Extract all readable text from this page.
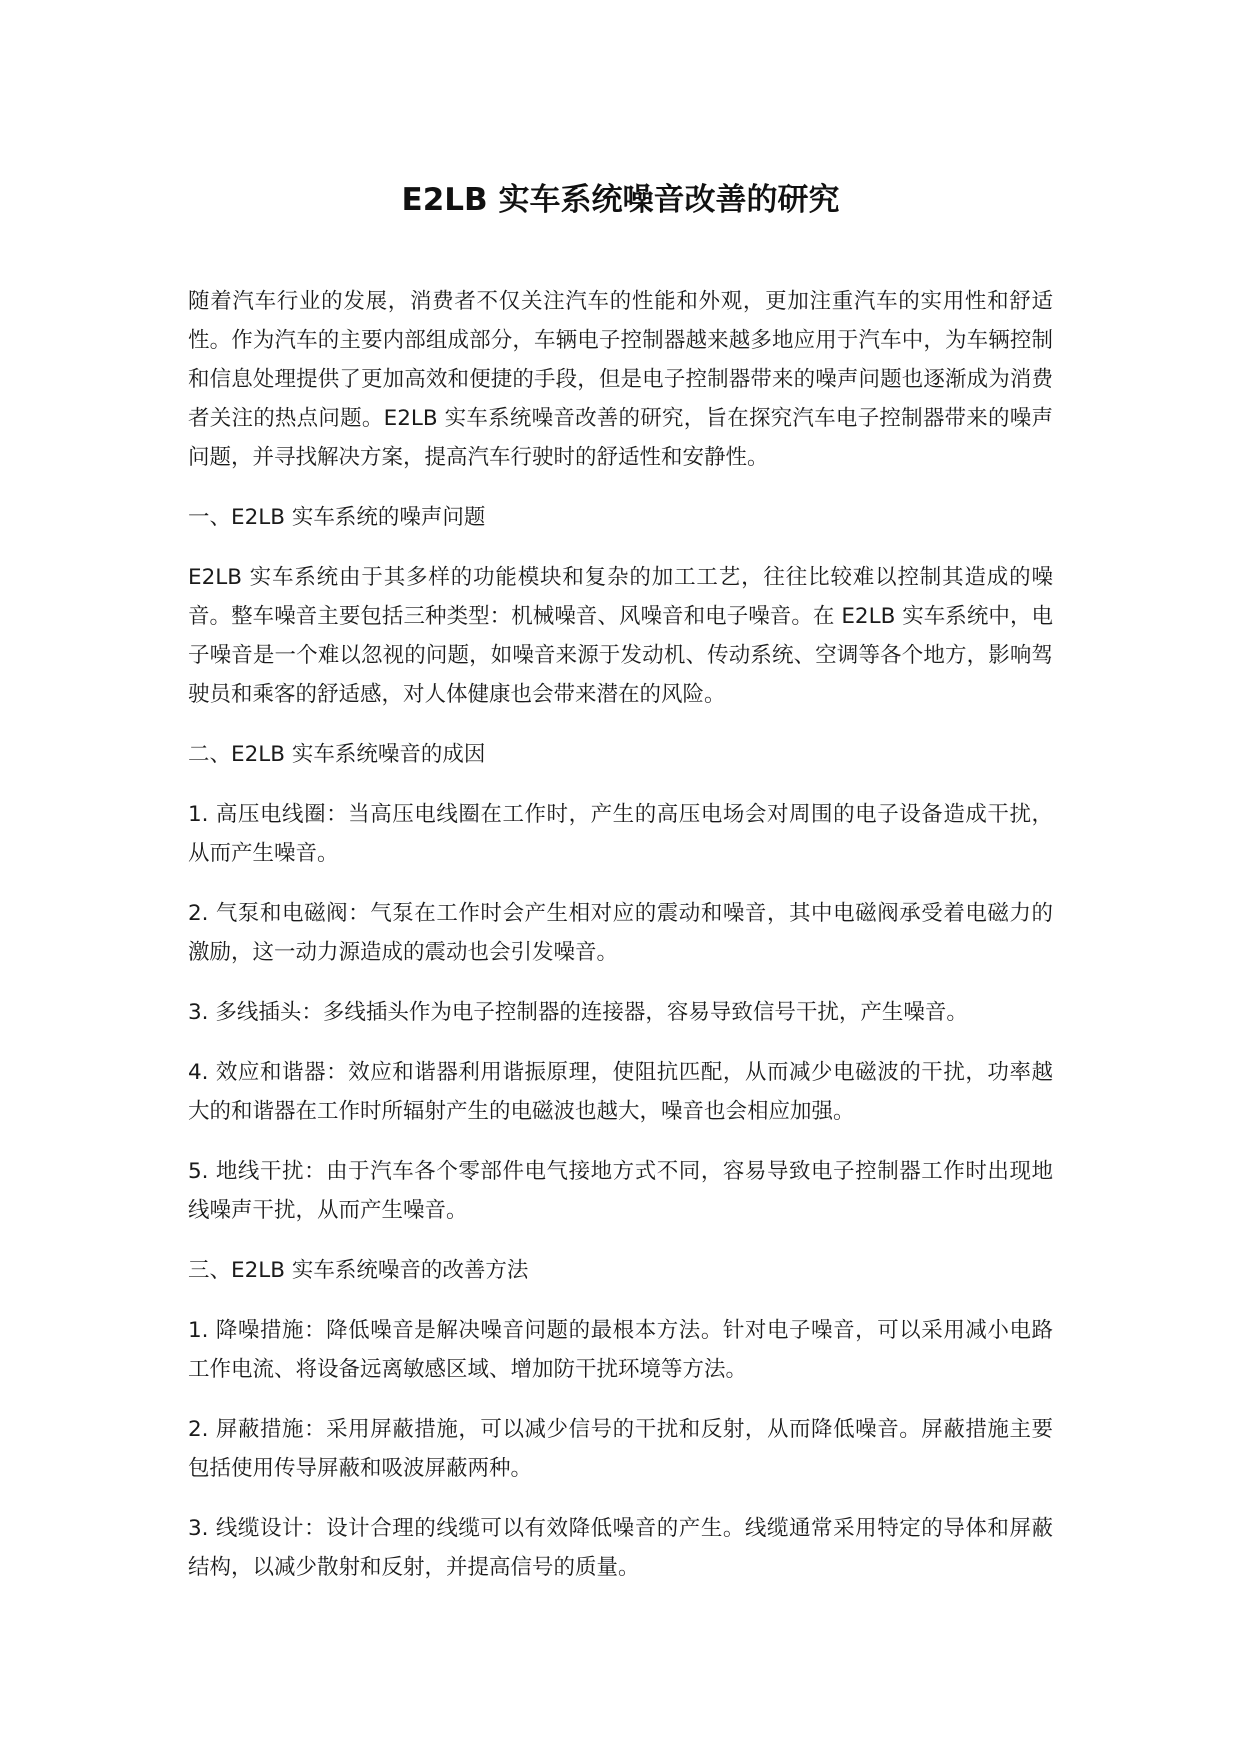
E2LB 实车系统噪音改善的研究

随着汽车行业的发展，消费者不仅关注汽车的性能和外观，更加注重汽车的实用性和舒适性。作为汽车的主要内部组成部分，车辆电子控制器越来越多地应用于汽车中，为车辆控制和信息处理提供了更加高效和便捷的手段，但是电子控制器带来的噪声问题也逐渐成为消费者关注的热点问题。E2LB 实车系统噪音改善的研究，旨在探究汽车电子控制器带来的噪声问题，并寻找解决方案，提高汽车行驶时的舒适性和安静性。

一、E2LB 实车系统的噪声问题

E2LB 实车系统由于其多样的功能模块和复杂的加工工艺，往往比较难以控制其造成的噪音。整车噪音主要包括三种类型：机械噪音、风噪音和电子噪音。在 E2LB 实车系统中，电子噪音是一个难以忽视的问题，如噪音来源于发动机、传动系统、空调等各个地方，影响驾驶员和乘客的舒适感，对人体健康也会带来潜在的风险。

二、E2LB 实车系统噪音的成因

1. 高压电线圈：当高压电线圈在工作时，产生的高压电场会对周围的电子设备造成干扰，从而产生噪音。

2. 气泵和电磁阀：气泵在工作时会产生相对应的震动和噪音，其中电磁阀承受着电磁力的激励，这一动力源造成的震动也会引发噪音。

3. 多线插头：多线插头作为电子控制器的连接器，容易导致信号干扰，产生噪音。

4. 效应和谐器：效应和谐器利用谐振原理，使阻抗匹配，从而减少电磁波的干扰，功率越大的和谐器在工作时所辐射产生的电磁波也越大，噪音也会相应加强。

5. 地线干扰：由于汽车各个零部件电气接地方式不同，容易导致电子控制器工作时出现地线噪声干扰，从而产生噪音。

三、E2LB 实车系统噪音的改善方法

1. 降噪措施：降低噪音是解决噪音问题的最根本方法。针对电子噪音，可以采用减小电路工作电流、将设备远离敏感区域、增加防干扰环境等方法。

2. 屏蔽措施：采用屏蔽措施，可以减少信号的干扰和反射，从而降低噪音。屏蔽措施主要包括使用传导屏蔽和吸波屏蔽两种。

3. 线缆设计：设计合理的线缆可以有效降低噪音的产生。线缆通常采用特定的导体和屏蔽结构，以减少散射和反射，并提高信号的质量。
